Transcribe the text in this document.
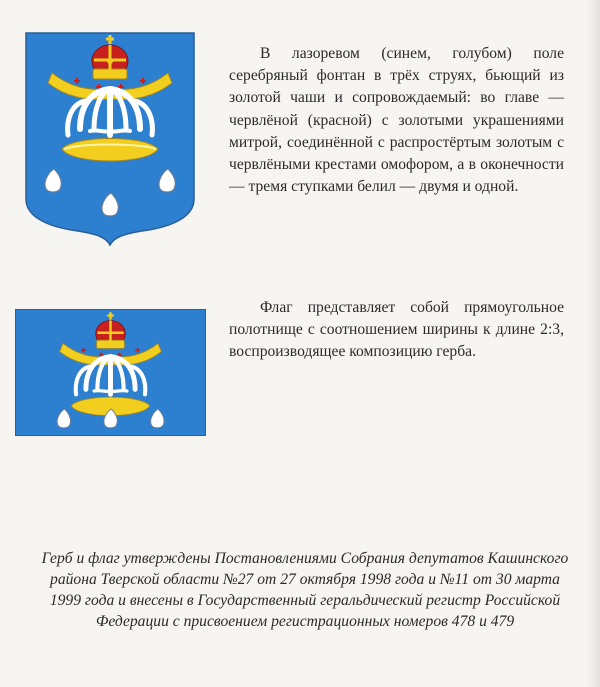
В лазоревом (синем, голубом) поле серебряный фонтан в трёх струях, бьющий из золотой чаши и сопровождаемый: во главе — червлёной (красной) с золотыми украшениями митрой, соединённой с распростёртым золотым с червлёными крестами омофором, а в оконечности — тремя ступками белил — двумя и одной.

Флаг представляет собой прямоугольное полотнище с соотношением ширины к длине 2:3, воспроизводящее композицию герба.

Герб и флаг утверждены Постановлениями Собрания депутатов Кашинского района Тверской области №27 от 27 октября 1998 года и №11 от 30 марта 1999 года и внесены в Государственный геральдический регистр Российской Федерации с присвоением регистрационных номеров 478 и 479
